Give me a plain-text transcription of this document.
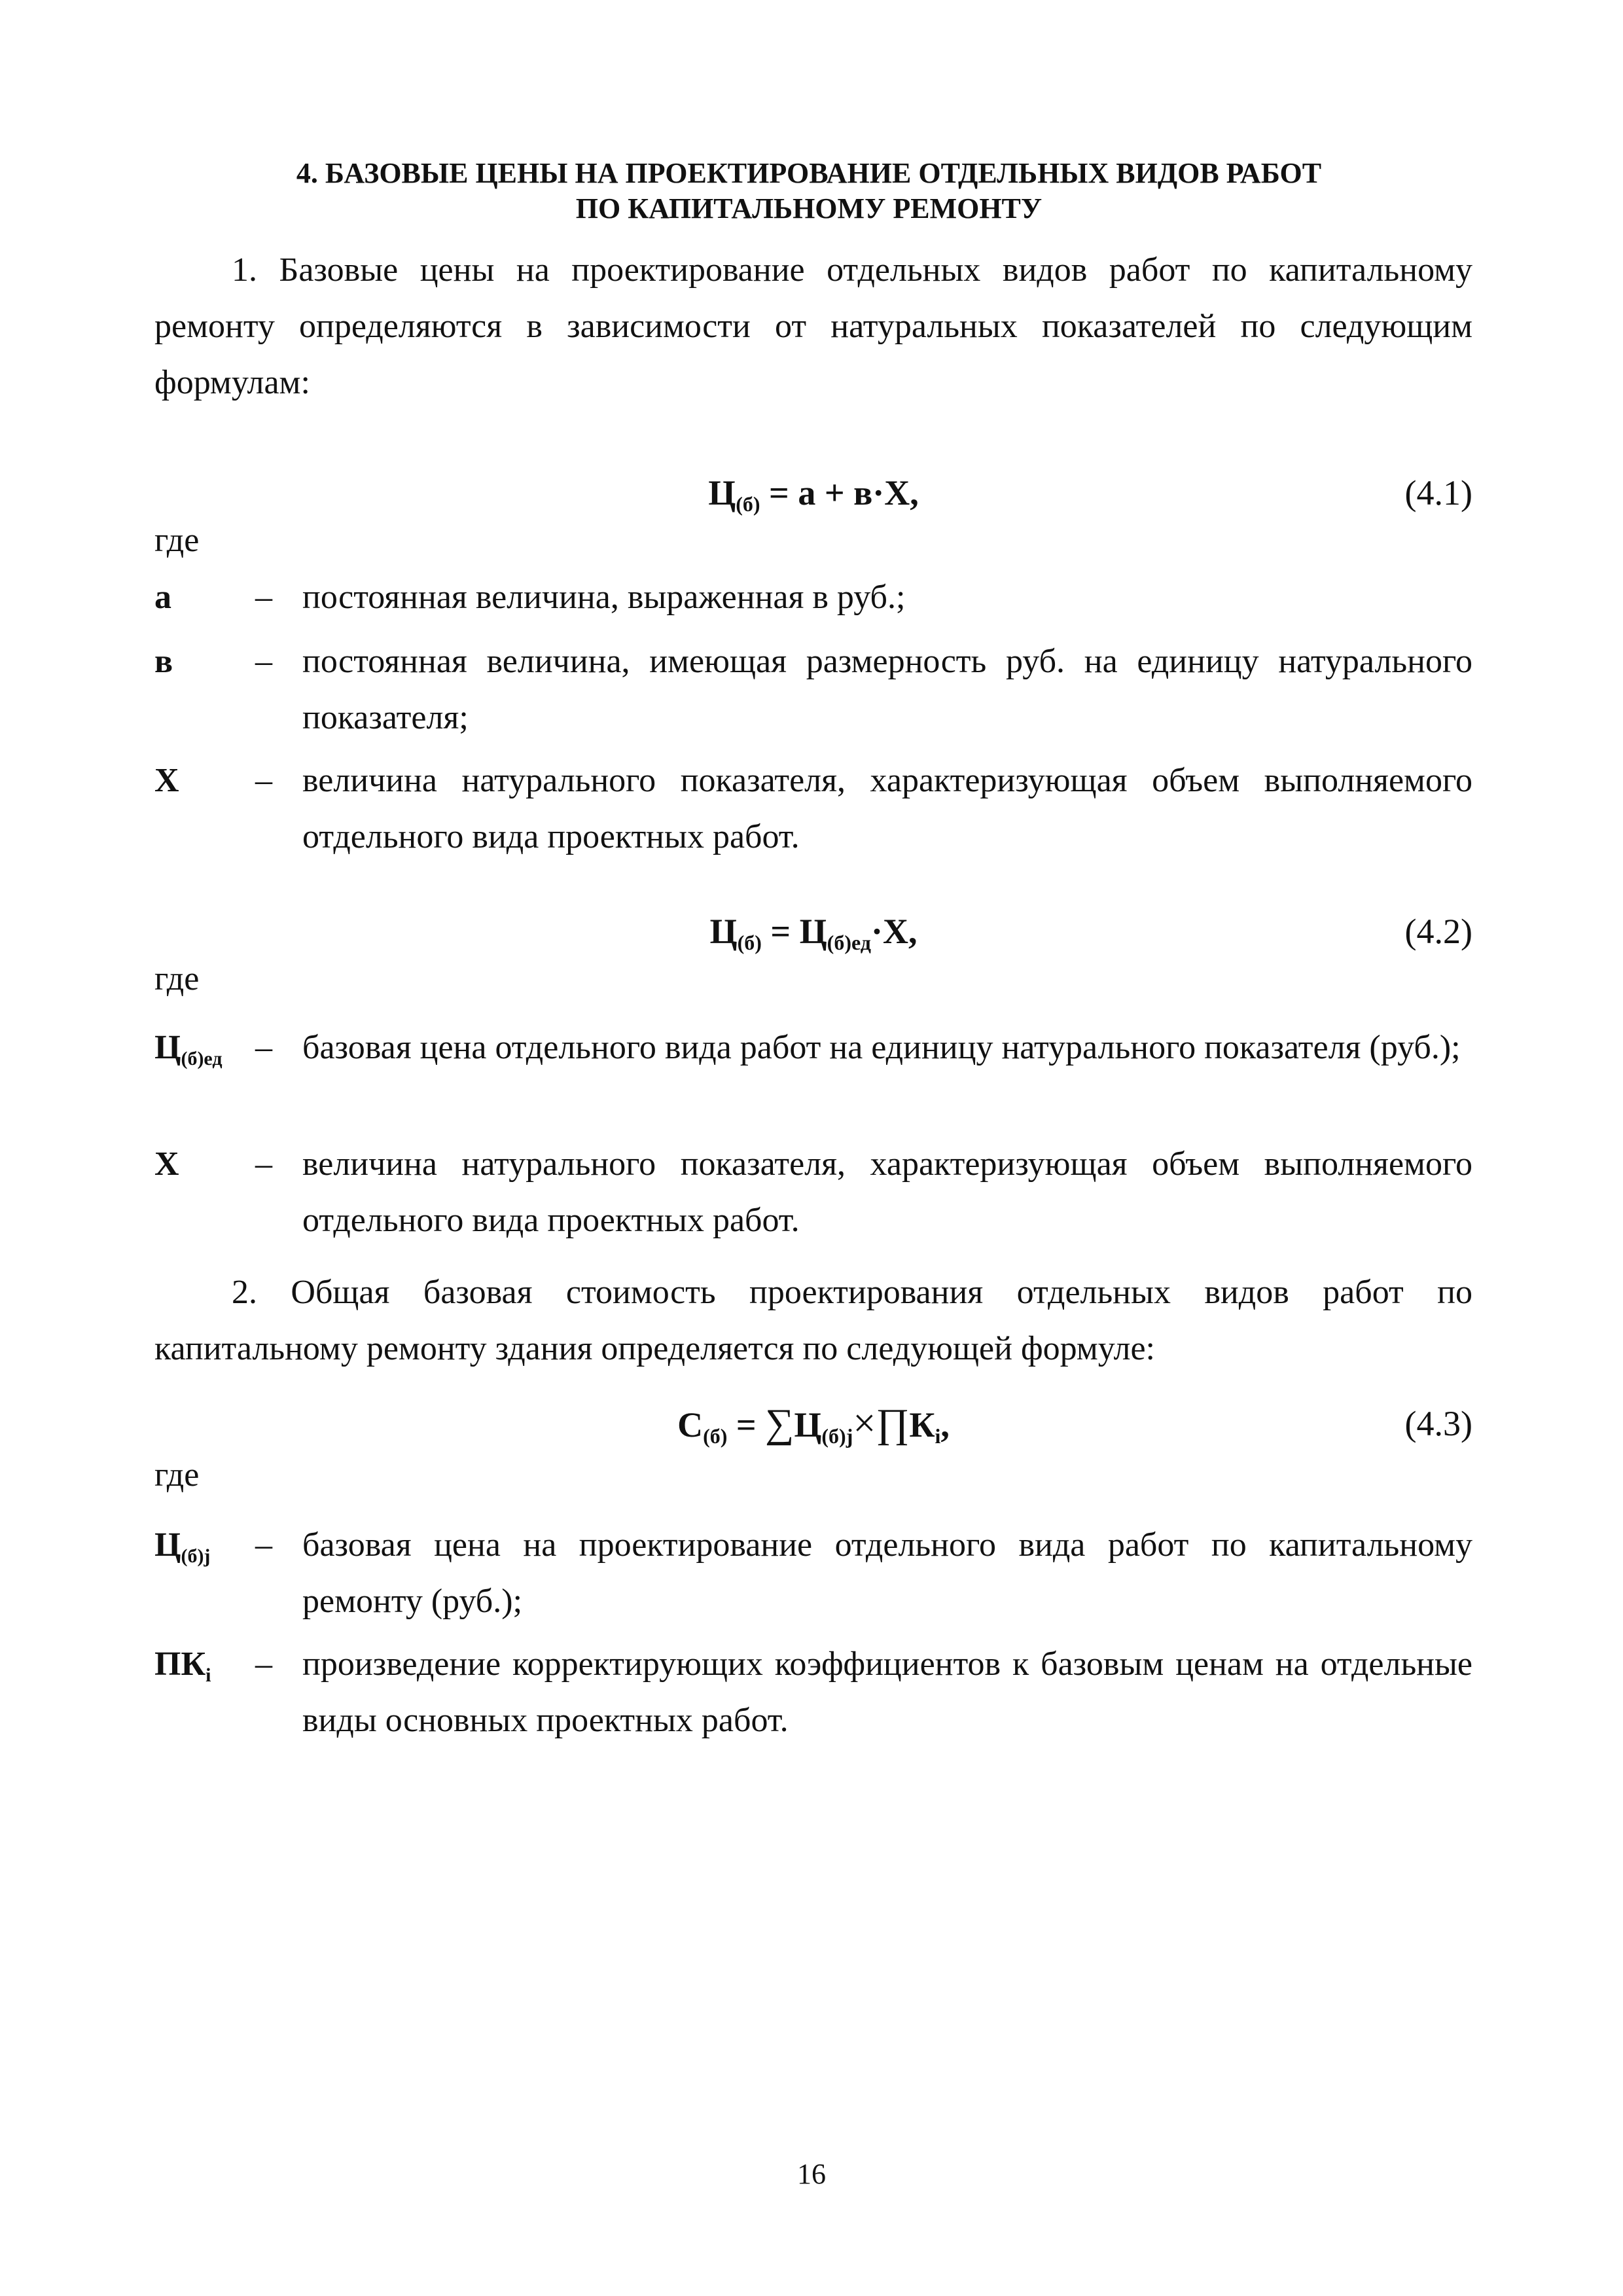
4. БАЗОВЫЕ ЦЕНЫ НА ПРОЕКТИРОВАНИЕ ОТДЕЛЬНЫХ ВИДОВ РАБОТ
ПО КАПИТАЛЬНОМУ РЕМОНТУ

1. Базовые цены на проектирование отдельных видов работ по капитальному ремонту определяются в зависимости от натуральных показателей по следующим формулам:

$Ц_{(б)} = а + в\cdot Х$,	(4.1)
где
а	– постоянная величина, выраженная в руб.;
в	– постоянная величина, имеющая размерность руб. на единицу натурального показателя;
Х	– величина натурального показателя, характеризующая объем выполняемого отдельного вида проектных работ.
$Ц_{(б)} = Ц_{(б)ед}\cdot Х$,	(4.2)
где
$Ц_{(б)ед}$ – базовая цена отдельного вида работ на единицу натурального показателя (руб.);
Х	– величина натурального показателя, характеризующая объем выполняемого отдельного вида проектных работ.

2. Общая базовая стоимость проектирования отдельных видов работ по капитальному ремонту здания определяется по следующей формуле:

$С_{(б)}$ = $\sum Ц_{(б)j}\times\prod К_i$,	(4.3)
где
$Ц_{(б)j}$	– базовая цена на проектирование отдельного вида работ по капитальному ремонту (руб.);
$ПК_i$	– произведение корректирующих коэффициентов к базовым ценам на отдельные виды основных проектных работ.
16
